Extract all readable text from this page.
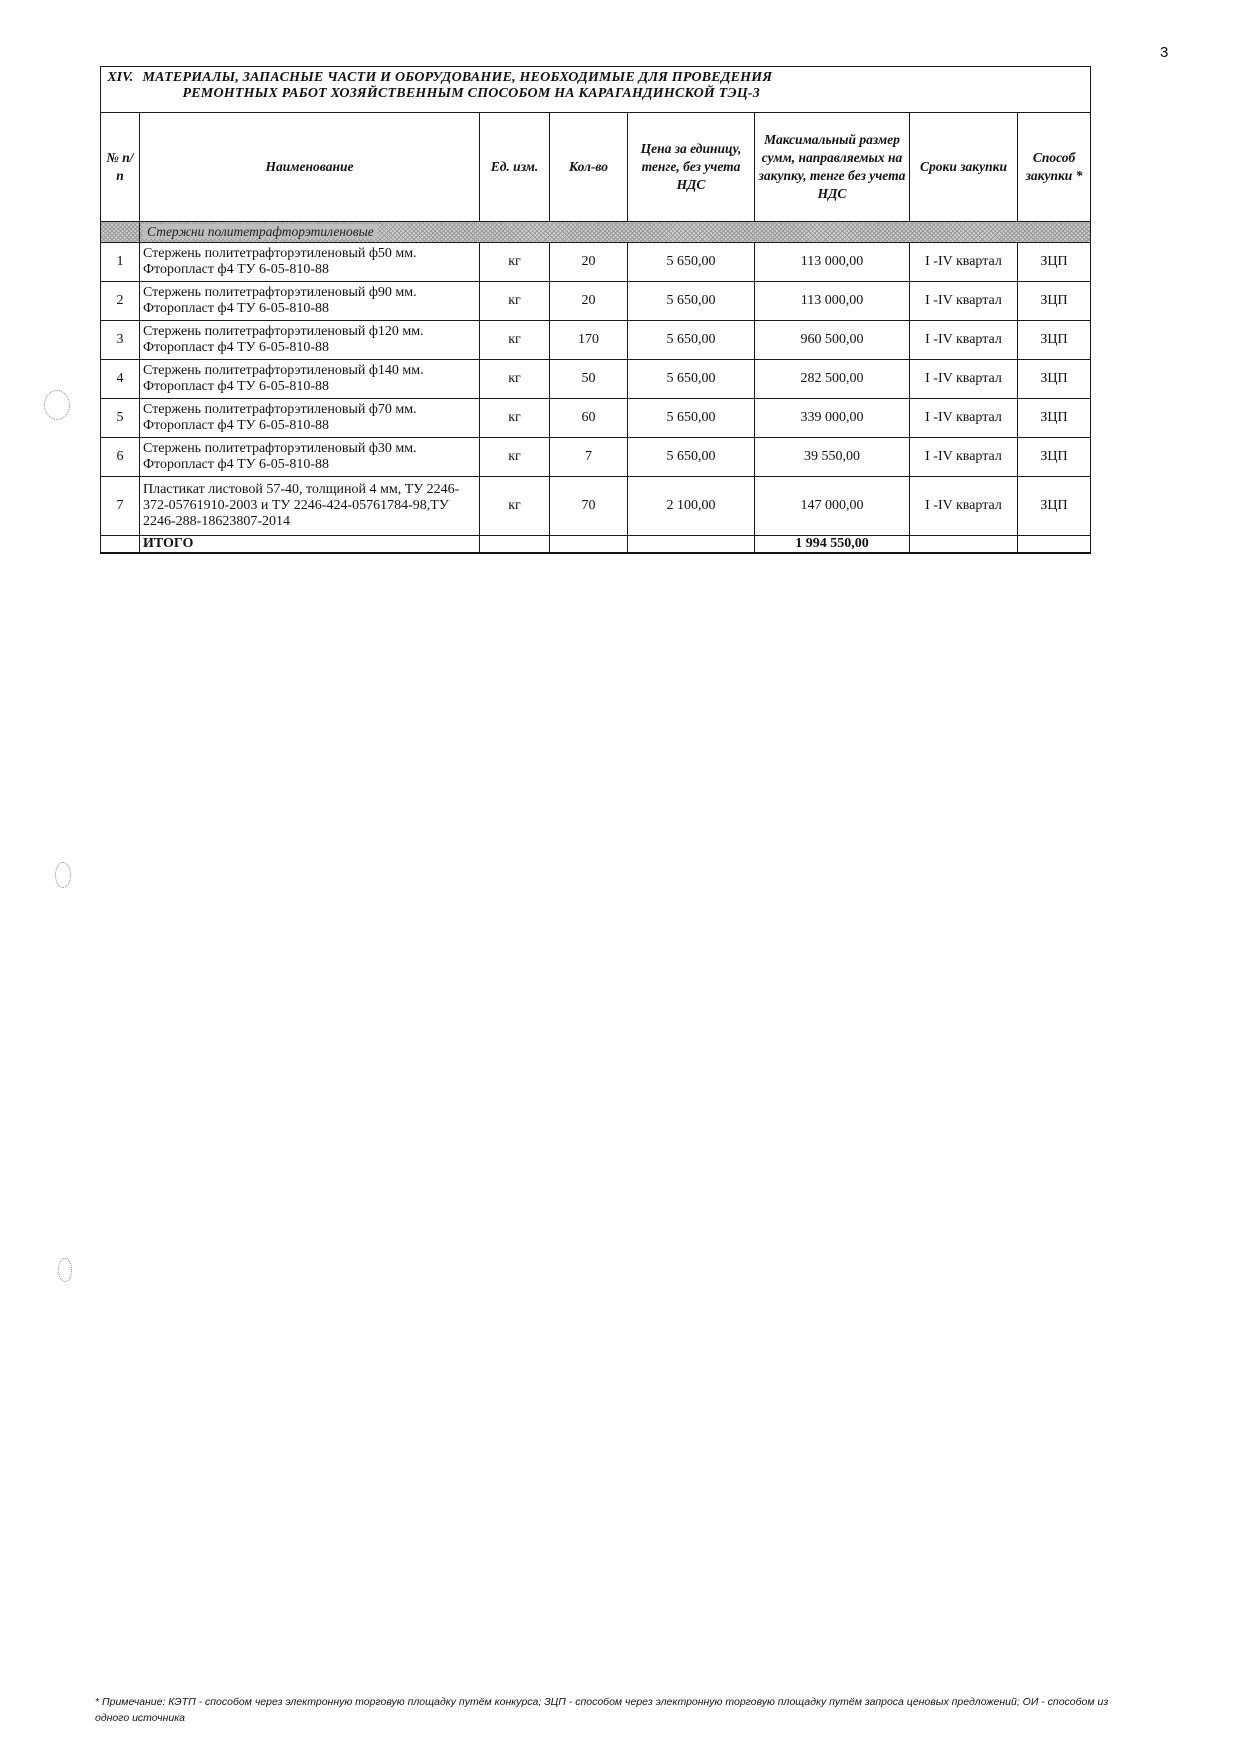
3
XIV.	МАТЕРИАЛЫ, ЗАПАСНЫЕ ЧАСТИ И ОБОРУДОВАНИЕ, НЕОБХОДИМЫЕ ДЛЯ ПРОВЕДЕНИЯ
РЕМОНТНЫХ РАБОТ ХОЗЯЙСТВЕННЫМ СПОСОБОМ НА КАРАГАНДИНСКОЙ ТЭЦ-3						

№ п/п	Наименование	Ед. изм.	Кол-во	Цена за единицу, тенге, без учета НДС	Максимальный размер сумм, направляемых на закупку, тенге без учета НДС	Сроки закупки	Способ закупки *
	Стержни политетрафторэтиленовые						
1	Стержень политетрафторэтиленовый ф50 мм. Фторопласт ф4 ТУ 6-05-810-88	кг	20	5 650,00	113 000,00	I -IV квартал	ЗЦП
2	Стержень политетрафторэтиленовый ф90 мм. Фторопласт ф4 ТУ 6-05-810-88	кг	20	5 650,00	113 000,00	I -IV квартал	ЗЦП
3	Стержень политетрафторэтиленовый ф120 мм. Фторопласт ф4 ТУ 6-05-810-88	кг	170	5 650,00	960 500,00	I -IV квартал	ЗЦП
4	Стержень политетрафторэтиленовый ф140 мм. Фторопласт ф4 ТУ 6-05-810-88	кг	50	5 650,00	282 500,00	I -IV квартал	ЗЦП
5	Стержень политетрафторэтиленовый ф70 мм. Фторопласт ф4 ТУ 6-05-810-88	кг	60	5 650,00	339 000,00	I -IV квартал	ЗЦП
6	Стержень политетрафторэтиленовый ф30 мм. Фторопласт ф4 ТУ 6-05-810-88	кг	7	5 650,00	39 550,00	I -IV квартал	ЗЦП
7	Пластикат листовой 57-40, толщиной 4 мм, ТУ 2246-372-05761910-2003 и ТУ 2246-424-05761784-98,ТУ 2246-288-18623807-2014	кг	70	2 100,00	147 000,00	I -IV квартал	ЗЦП
	ИТОГО				1 994 550,00		
* Примечание: КЭТП - способом через электронную торговую площадку путём конкурса; ЗЦП - способом через электронную торговую площадку путём запроса ценовых предложений; ОИ - способом из одного источника
